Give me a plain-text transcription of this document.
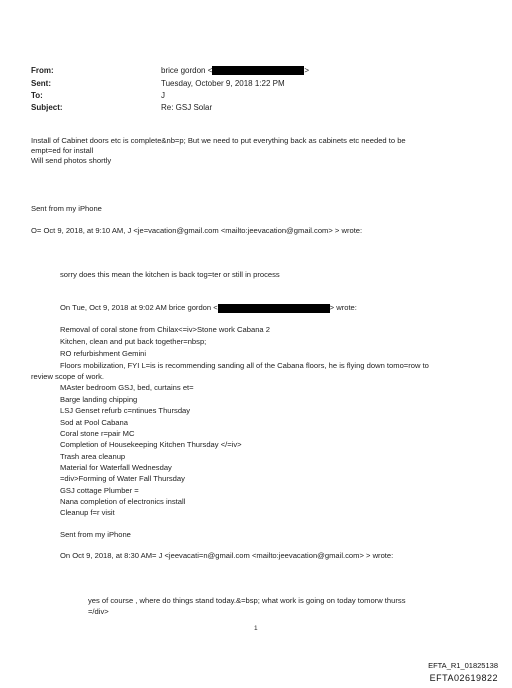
From:	brice gordon <	>
Sent:	Tuesday, October 9, 2018 1:22 PM
To:	J
Subject:	Re: GSJ Solar
Install of Cabinet doors etc is complete&nb=p; But we need to put everything back as cabinets etc needed to be
empt=ed for install
Will send photos shortly
Sent from my iPhone
O= Oct 9, 2018, at 9:10 AM, J <je=vacation@gmail.com <mailto:jeevacation@gmail.com> > wrote:
sorry does this mean the kitchen is back tog=ter or still in process
On Tue, Oct 9, 2018 at 9:02 AM brice gordon <	> wrote:
Removal of coral stone from Chilax<=iv>Stone work Cabana 2
Kitchen, clean and put back together=nbsp;
RO refurbishment Gemini
Floors mobilization, FYI L=is is recommending sanding all of the Cabana floors, he is flying down tomo=row to
review scope of work.
MAster bedroom GSJ, bed, curtains et=
Barge landing chipping
LSJ Genset refurb c=ntinues Thursday
Sod at Pool Cabana
Coral stone r=pair MC
Completion of Housekeeping Kitchen Thursday </=iv>
Trash area cleanup
Material for Waterfall Wednesday
=div>Forming of Water Fall Thursday
GSJ cottage Plumber =
Nana completion of electronics install
Cleanup f=r visit
Sent from my iPhone
On Oct 9, 2018, at 8:30 AM= J <jeevacati=n@gmail.com <mailto:jeevacation@gmail.com> > wrote:
yes of course , where do things stand today.&=bsp; what work is going on today tomorw thurss
=/div>
1
EFTA_R1_01825138
EFTA02619822
